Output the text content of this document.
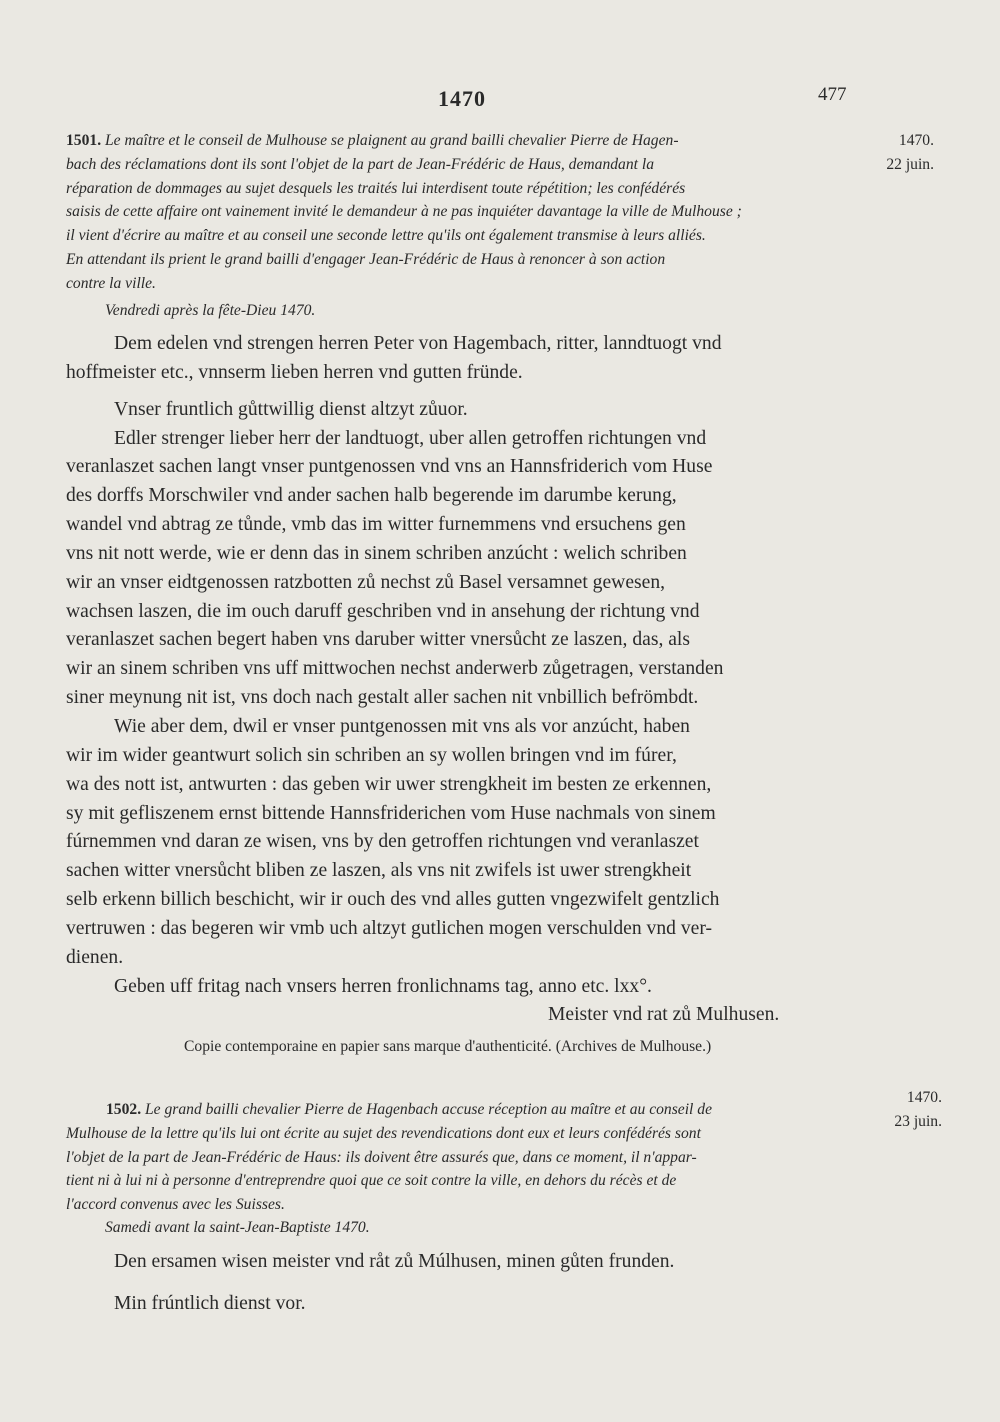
1470	477
1501. Le maître et le conseil de Mulhouse se plaignent au grand bailli chevalier Pierre de Hagen-
bach des réclamations dont ils sont l'objet de la part de Jean-Frédéric de Haus, demandant la
réparation de dommages au sujet desquels les traités lui interdisent toute répétition; les confédérés
saisis de cette affaire ont vainement invité le demandeur à ne pas inquiéter davantage la ville de Mulhouse ;
il vient d'écrire au maître et au conseil une seconde lettre qu'ils ont également transmise à leurs alliés.
En attendant ils prient le grand bailli d'engager Jean-Frédéric de Haus à renoncer à son action
contre la ville.
1470.
22 juin.
Vendredi après la fête-Dieu 1470.
Dem edelen vnd strengen herren Peter von Hagembach, ritter, lanndtuogt vnd
hoffmeister etc., vnnserm lieben herren vnd gutten fründe.
Vnser fruntlich gůttwillig dienst altzyt zůuor.
Edler strenger lieber herr der landtuogt, uber allen getroffen richtungen vnd
veranlaszet sachen langt vnser puntgenossen vnd vns an Hannsfriderich vom Huse
des dorffs Morschwiler vnd ander sachen halb begerende im darumbe kerung,
wandel vnd abtrag ze tůnde, vmb das im witter furnemmens vnd ersuchens gen
vns nit nott werde, wie er denn das in sinem schriben anzúcht : welich schriben
wir an vnser eidtgenossen ratzbotten zů nechst zů Basel versamnet gewesen,
wachsen laszen, die im ouch daruff geschriben vnd in ansehung der richtung vnd
veranlaszet sachen begert haben vns daruber witter vnersůcht ze laszen, das, als
wir an sinem schriben vns uff mittwochen nechst anderwerb zůgetragen, verstanden
siner meynung nit ist, vns doch nach gestalt aller sachen nit vnbillich befrömbdt.
Wie aber dem, dwil er vnser puntgenossen mit vns als vor anzúcht, haben
wir im wider geantwurt solich sin schriben an sy wollen bringen vnd im fúrer,
wa des nott ist, antwurten : das geben wir uwer strengkheit im besten ze erkennen,
sy mit gefliszenem ernst bittende Hannsfriderichen vom Huse nachmals von sinem
fúrnemmen vnd daran ze wisen, vns by den getroffen richtungen vnd veranlaszet
sachen witter vnersůcht bliben ze laszen, als vns nit zwifels ist uwer strengkheit
selb erkenn billich beschicht, wir ir ouch des vnd alles gutten vngezwifelt gentzlich
vertruwen : das begeren wir vmb uch altzyt gutlichen mogen verschulden vnd ver-
dienen.
Geben uff fritag nach vnsers herren fronlichnams tag, anno etc. lxx°.
Meister vnd rat zů Mulhusen.
Copie contemporaine en papier sans marque d'authenticité. (Archives de Mulhouse.)
1502. Le grand bailli chevalier Pierre de Hagenbach accuse réception au maître et au conseil de
Mulhouse de la lettre qu'ils lui ont écrite au sujet des revendications dont eux et leurs confédérés sont
l'objet de la part de Jean-Frédéric de Haus: ils doivent être assurés que, dans ce moment, il n'appar-
tient ni à lui ni à personne d'entreprendre quoi que ce soit contre la ville, en dehors du récès et de
l'accord convenus avec les Suisses.
1470.
23 juin.
Samedi avant la saint-Jean-Baptiste 1470.
Den ersamen wisen meister vnd råt zů Múlhusen, minen gůten frunden.
Min frúntlich dienst vor.
